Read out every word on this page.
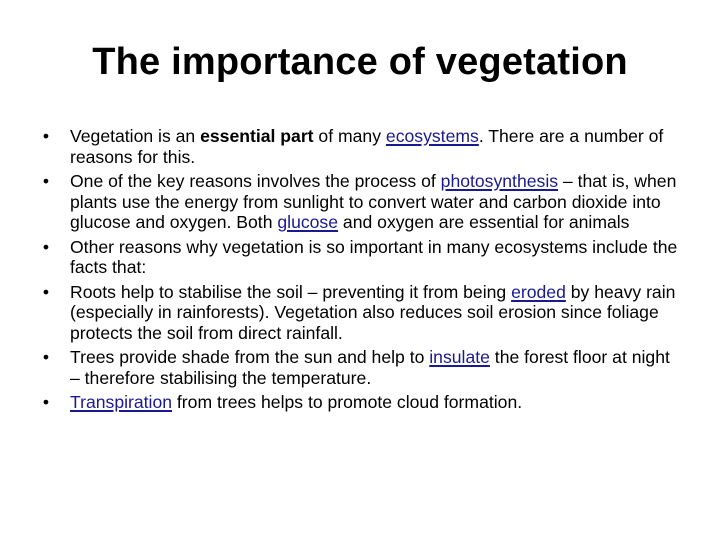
The importance of vegetation
• Vegetation is an essential part of many ecosystems. There are a number of reasons for this.
• One of the key reasons involves the process of photosynthesis – that is, when plants use the energy from sunlight to convert water and carbon dioxide into glucose and oxygen. Both glucose and oxygen are essential for animals
• Other reasons why vegetation is so important in many ecosystems include the facts that:
• Roots help to stabilise the soil – preventing it from being eroded by heavy rain (especially in rainforests). Vegetation also reduces soil erosion since foliage protects the soil from direct rainfall.
• Trees provide shade from the sun and help to insulate the forest floor at night – therefore stabilising the temperature.
• Transpiration from trees helps to promote cloud formation.
